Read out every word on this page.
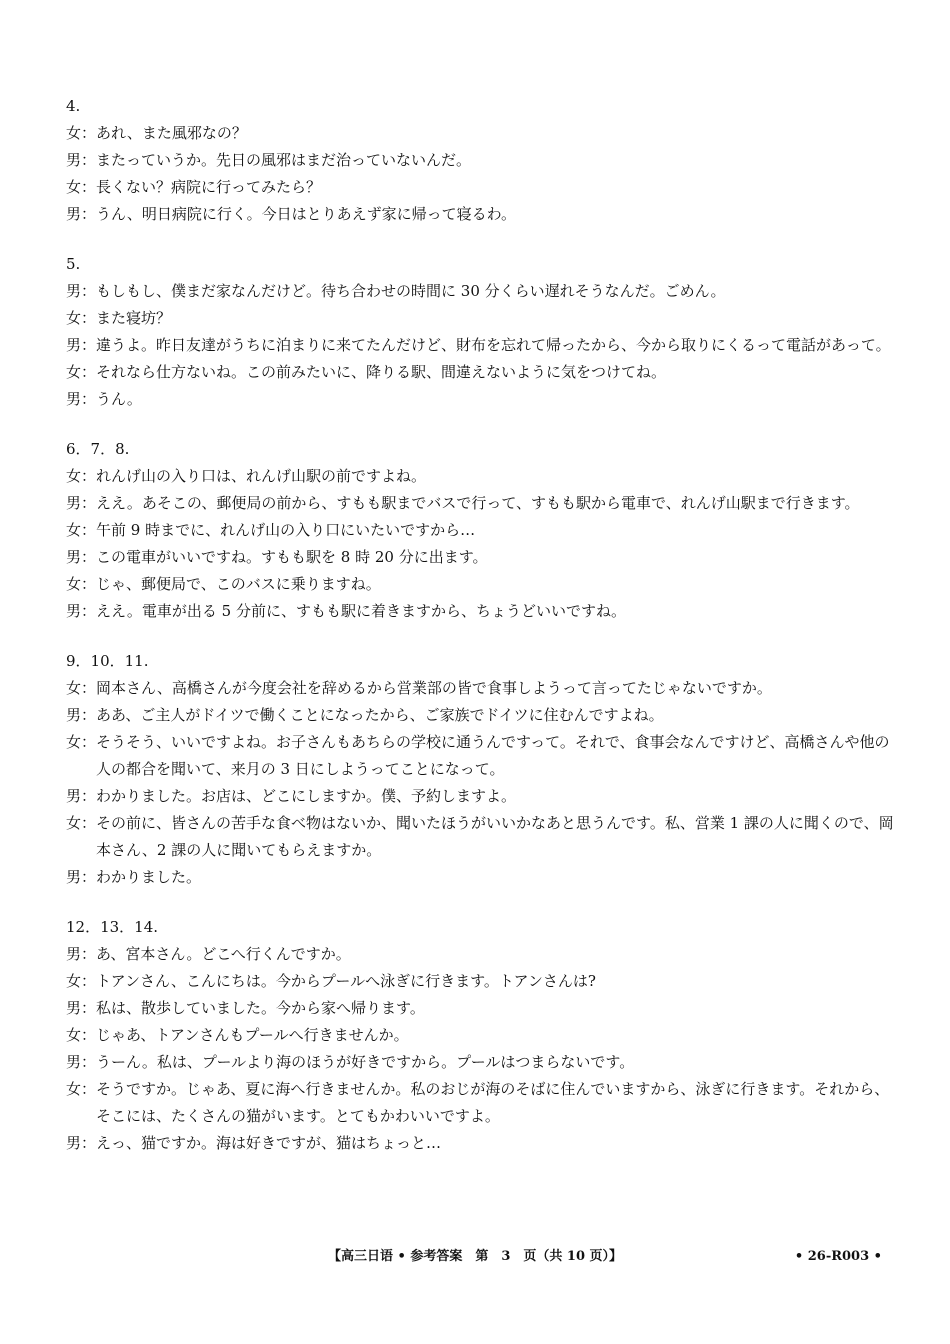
4.
女： あれ、また風邪なの？
男： またっていうか。先日の風邪はまだ治っていないんだ。
女： 長くない？病院に行ってみたら？
男： うん、明日病院に行く。今日はとりあえず家に帰って寝るわ。
5.
男： もしもし、僕まだ家なんだけど。待ち合わせの時間に 30 分くらい遅れそうなんだ。ごめん。
女： また寝坊？
男： 違うよ。昨日友達がうちに泊まりに来てたんだけど、財布を忘れて帰ったから、今から取りにくるって電話があって。
女： それなら仕方ないね。この前みたいに、降りる駅、間違えないように気をつけてね。
男： うん。
6．7．8.
女： れんげ山の入り口は、れんげ山駅の前ですよね。
男： ええ。あそこの、郵便局の前から、すもも駅までバスで行って、すもも駅から電車で、れんげ山駅まで行きます。
女： 午前 9 時までに、れんげ山の入り口にいたいですから…
男： この電車がいいですね。すもも駅を 8 時 20 分に出ます。
女： じゃ、郵便局で、このバスに乗りますね。
男： ええ。電車が出る 5 分前に、すもも駅に着きますから、ちょうどいいですね。
9．10．11.
女： 岡本さん、高橋さんが今度会社を辞めるから営業部の皆で食事しようって言ってたじゃないですか。
男： ああ、ご主人がドイツで働くことになったから、ご家族でドイツに住むんですよね。
女： そうそう、いいですよね。お子さんもあちらの学校に通うんですって。それで、食事会なんですけど、高橋さんや他の人の都合を聞いて、来月の 3 日にしようってことになって。
男： わかりました。お店は、どこにしますか。僕、予約しますよ。
女： その前に、皆さんの苦手な食べ物はないか、聞いたほうがいいかなあと思うんです。私、営業 1 課の人に聞くので、岡本さん、2 課の人に聞いてもらえますか。
男： わかりました。
12．13．14.
男： あ、宮本さん。どこへ行くんですか。
女： トアンさん、こんにちは。今からプールへ泳ぎに行きます。トアンさんは?
男： 私は、散歩していました。今から家へ帰ります。
女： じゃあ、トアンさんもプールへ行きませんか。
男： うーん。私は、プールより海のほうが好きですから。プールはつまらないです。
女： そうですか。じゃあ、夏に海へ行きませんか。私のおじが海のそばに住んでいますから、泳ぎに行きます。それから、そこには、たくさんの猫がいます。とてもかわいいですよ。
男： えっ、猫ですか。海は好きですが、猫はちょっと…
【高三日语 • 参考答案　第　3　页（共 10 页）】	• 26-R003 •
